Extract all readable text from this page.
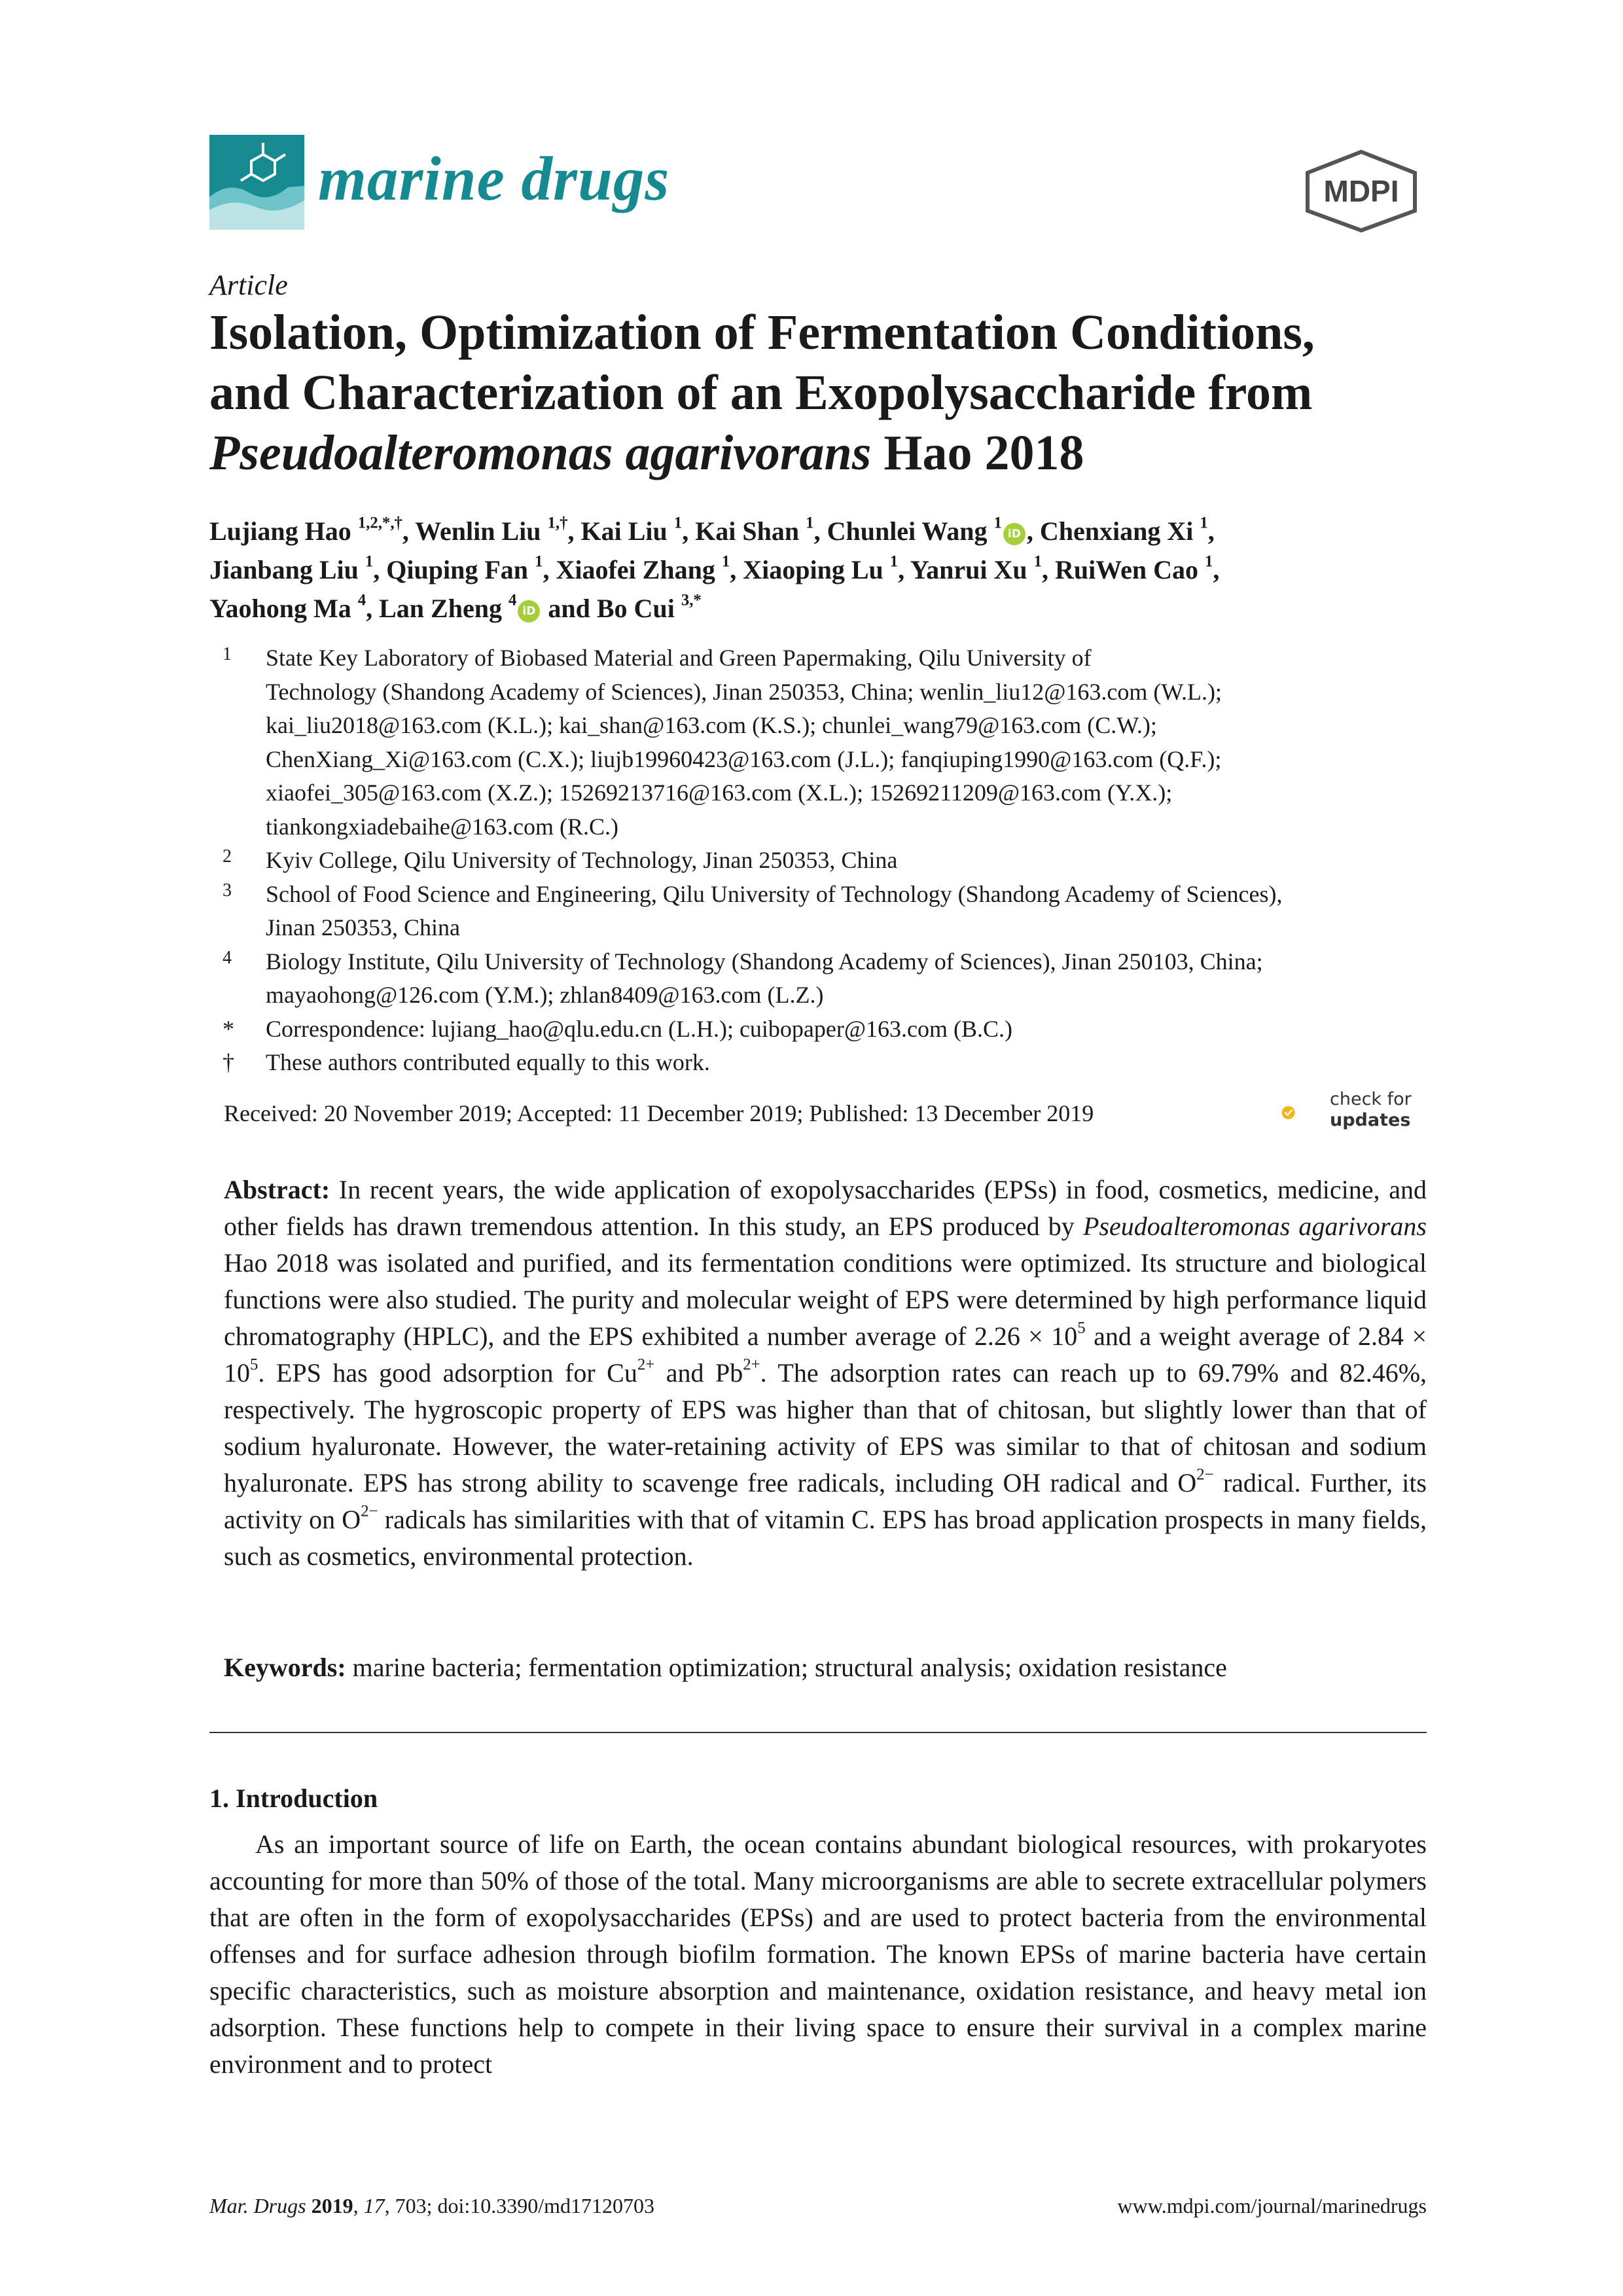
marine drugs	MDPI
Article
Isolation, Optimization of Fermentation Conditions,
and Characterization of an Exopolysaccharide from
Pseudoalteromonas agarivorans Hao 2018
Lujiang Hao $^{1,2,*,\dagger}$, Wenlin Liu $^{1,\dagger}$, Kai Liu $^1$, Kai Shan $^1$, Chunlei Wang $^1$iD , Chenxiang Xi $^1$,
Jianbang Liu $^1$, Qiuping Fan $^1$, Xiaofei Zhang $^1$, Xiaoping Lu $^1$, Yanrui Xu $^1$, RuiWen Cao $^1$,
Yaohong Ma $^4$, Lan Zheng $^4$iD and Bo Cui $^{3,*}$
1 State Key Laboratory of Biobased Material and Green Papermaking, Qilu University of
Technology (Shandong Academy of Sciences), Jinan 250353, China; wenlin_liu12@163.com (W.L.);
kai_liu2018@163.com (K.L.); kai_shan@163.com (K.S.); chunlei_wang79@163.com (C.W.);
ChenXiang_Xi@163.com (C.X.); liujb19960423@163.com (J.L.); fanqiuping1990@163.com (Q.F.);
xiaofei_305@163.com (X.Z.); 15269213716@163.com (X.L.); 15269211209@163.com (Y.X.);
tiankongxiadebaihe@163.com (R.C.)
2 Kyiv College, Qilu University of Technology, Jinan 250353, China
3 School of Food Science and Engineering, Qilu University of Technology (Shandong Academy of Sciences),
Jinan 250353, China
4 Biology Institute, Qilu University of Technology (Shandong Academy of Sciences), Jinan 250103, China;
mayaohong@126.com (Y.M.); zhlan8409@163.com (L.Z.)
* Correspondence: lujiang_hao@qlu.edu.cn (L.H.); cuibopaper@163.com (B.C.)
† These authors contributed equally to this work.
Received: 20 November 2019; Accepted: 11 December 2019; Published: 13 December 2019
check for
updates
Abstract: In recent years, the wide application of exopolysaccharides (EPSs) in food, cosmetics, medicine, and other fields has drawn tremendous attention. In this study, an EPS produced by Pseudoalteromonas agarivorans Hao 2018 was isolated and purified, and its fermentation conditions were optimized. Its structure and biological functions were also studied. The purity and molecular weight of EPS were determined by high performance liquid chromatography (HPLC), and the EPS exhibited a number average of $2.26 \times 10^5$ and a weight average of $2.84 \times 10^5$. EPS has good adsorption for $Cu^{2+}$ and $Pb^{2+}$. The adsorption rates can reach up to 69.79% and 82.46%, respectively. The hygroscopic property of EPS was higher than that of chitosan, but slightly lower than that of sodium hyaluronate. However, the water-retaining activity of EPS was similar to that of chitosan and sodium hyaluronate. EPS has strong ability to scavenge free radicals, including OH radical and $O^{2-}$ radical. Further, its activity on $O^{2-}$ radicals has similarities with that of vitamin C. EPS has broad application prospects in many fields, such as cosmetics, environmental protection.
Keywords: marine bacteria; fermentation optimization; structural analysis; oxidation resistance
1. Introduction
As an important source of life on Earth, the ocean contains abundant biological resources, with prokaryotes accounting for more than 50% of those of the total. Many microorganisms are able to secrete extracellular polymers that are often in the form of exopolysaccharides (EPSs) and are used to protect bacteria from the environmental offenses and for surface adhesion through biofilm formation. The known EPSs of marine bacteria have certain specific characteristics, such as moisture absorption and maintenance, oxidation resistance, and heavy metal ion adsorption. These functions help to compete in their living space to ensure their survival in a complex marine environment and to protect
Mar. Drugs 2019, 17, 703; doi:10.3390/md17120703	www.mdpi.com/journal/marinedrugs
